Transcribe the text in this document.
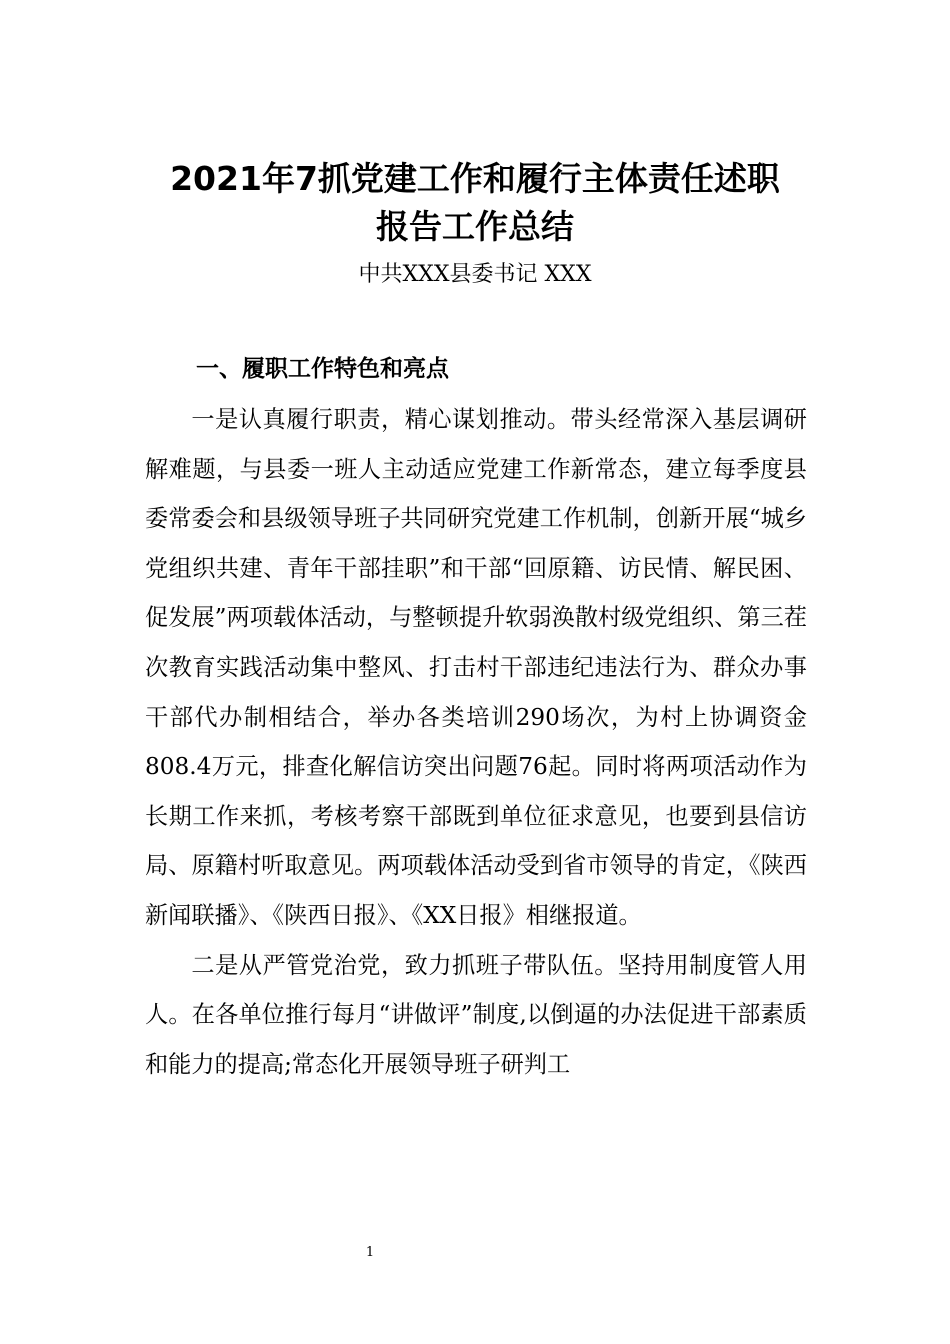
2021年7抓党建工作和履行主体责任述职
报告工作总结

中共XXX县委书记 XXX

一、履职工作特色和亮点

一是认真履行职责，精心谋划推动。带头经常深入基层调研解难题，与县委一班人主动适应党建工作新常态，建立每季度县委常委会和县级领导班子共同研究党建工作机制，创新开展“城乡党组织共建、青年干部挂职”和干部“回原籍、访民情、解民困、促发展”两项载体活动，与整顿提升软弱涣散村级党组织、第三茬次教育实践活动集中整风、打击村干部违纪违法行为、群众办事干部代办制相结合，举办各类培训290场次，为村上协调资金808.4万元，排查化解信访突出问题76起。同时将两项活动作为长期工作来抓，考核考察干部既到单位征求意见，也要到县信访局、原籍村听取意见。两项载体活动受到省市领导的肯定，《陕西新闻联播》、《陕西日报》、《XX日报》相继报道。

二是从严管党治党，致力抓班子带队伍。坚持用制度管人用人。在各单位推行每月“讲做评”制度,以倒逼的办法促进干部素质和能力的提高;常态化开展领导班子研判工

1
